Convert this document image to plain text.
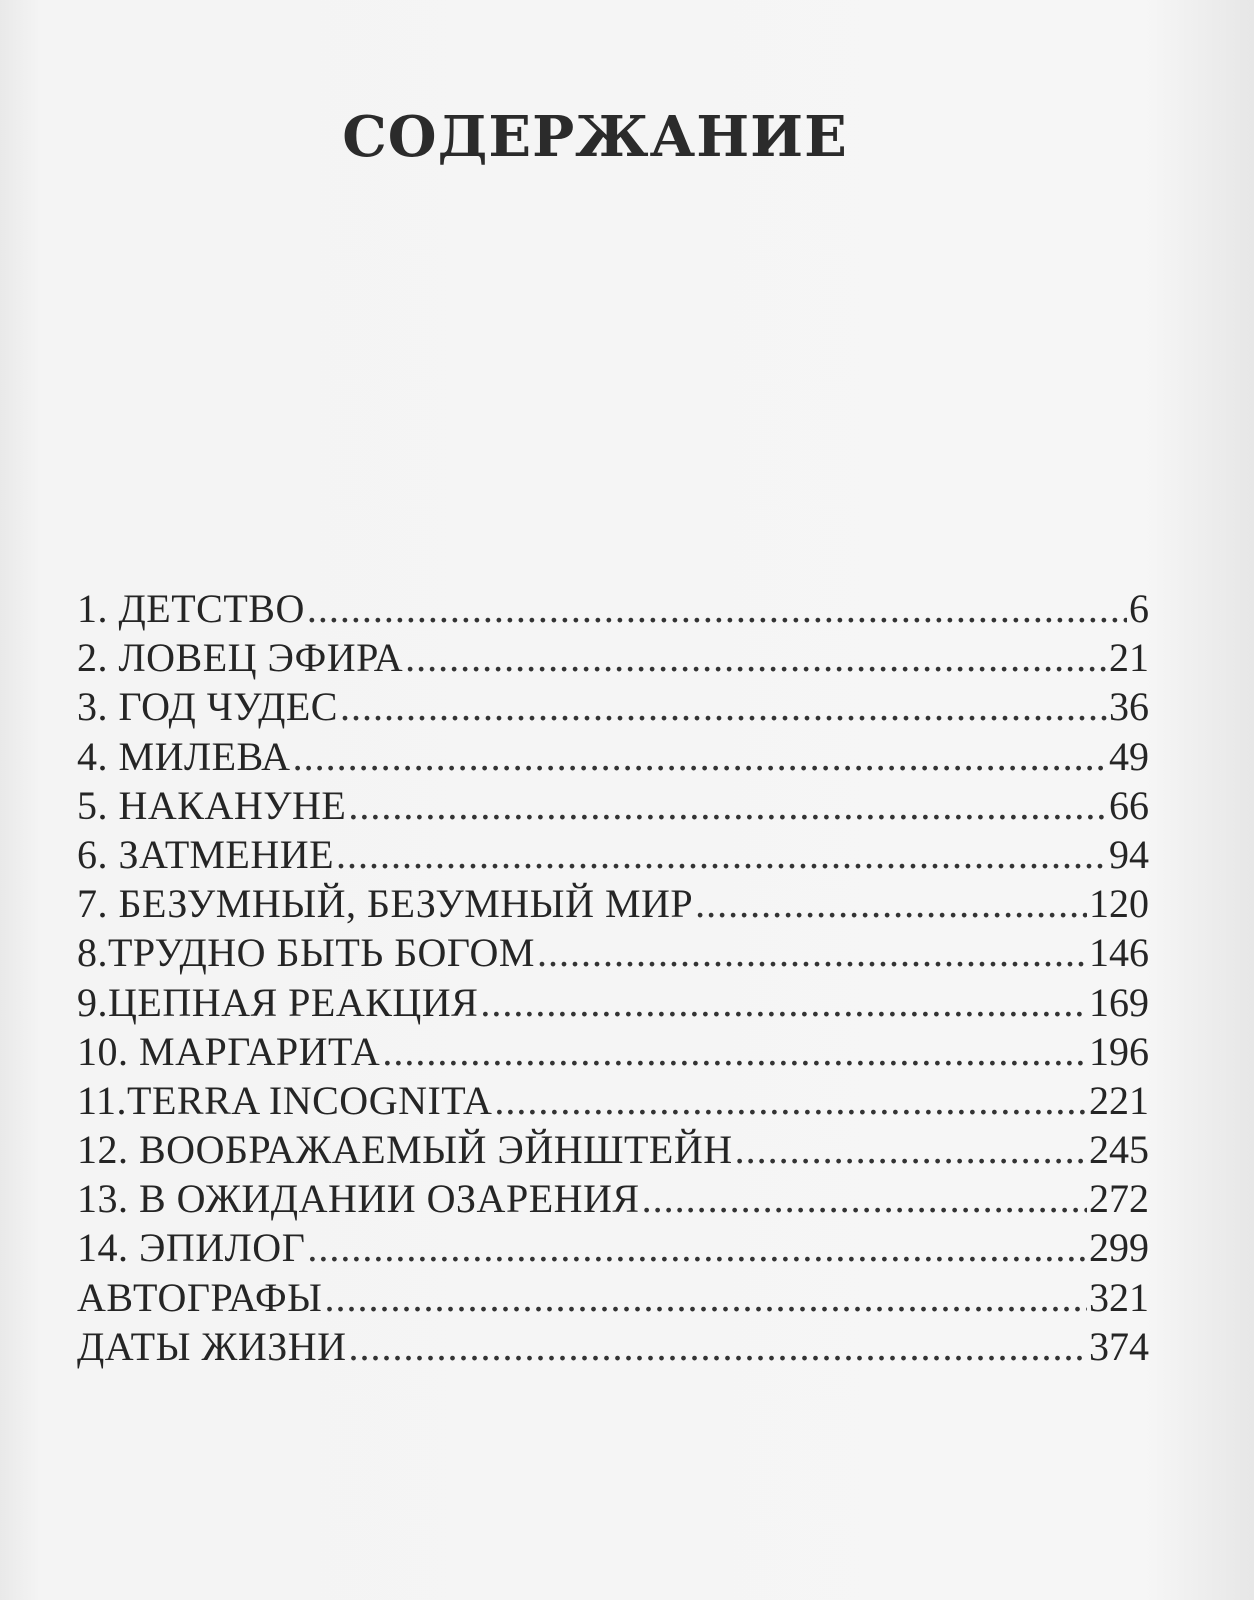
СОДЕРЖАНИЕ
1. ДЕТСТВО .....	6
2. ЛОВЕЦ ЭФИРА .....	21
3. ГОД ЧУДЕС .....	36
4. МИЛЕВА .....	49
5. НАКАНУНЕ .....	66
6. ЗАТМЕНИЕ .....	94
7. БЕЗУМНЫЙ, БЕЗУМНЫЙ МИР .....	120
8.ТРУДНО БЫТЬ БОГОМ .....	146
9.ЦЕПНАЯ РЕАКЦИЯ .....	169
10. МАРГАРИТА .....	196
11.TERRA INCOGNITA .....	221
12. ВООБРАЖАЕМЫЙ ЭЙНШТЕЙН .....	245
13. В ОЖИДАНИИ ОЗАРЕНИЯ .....	272
14. ЭПИЛОГ .....	299
АВТОГРАФЫ .....	321
ДАТЫ ЖИЗНИ .....	374
